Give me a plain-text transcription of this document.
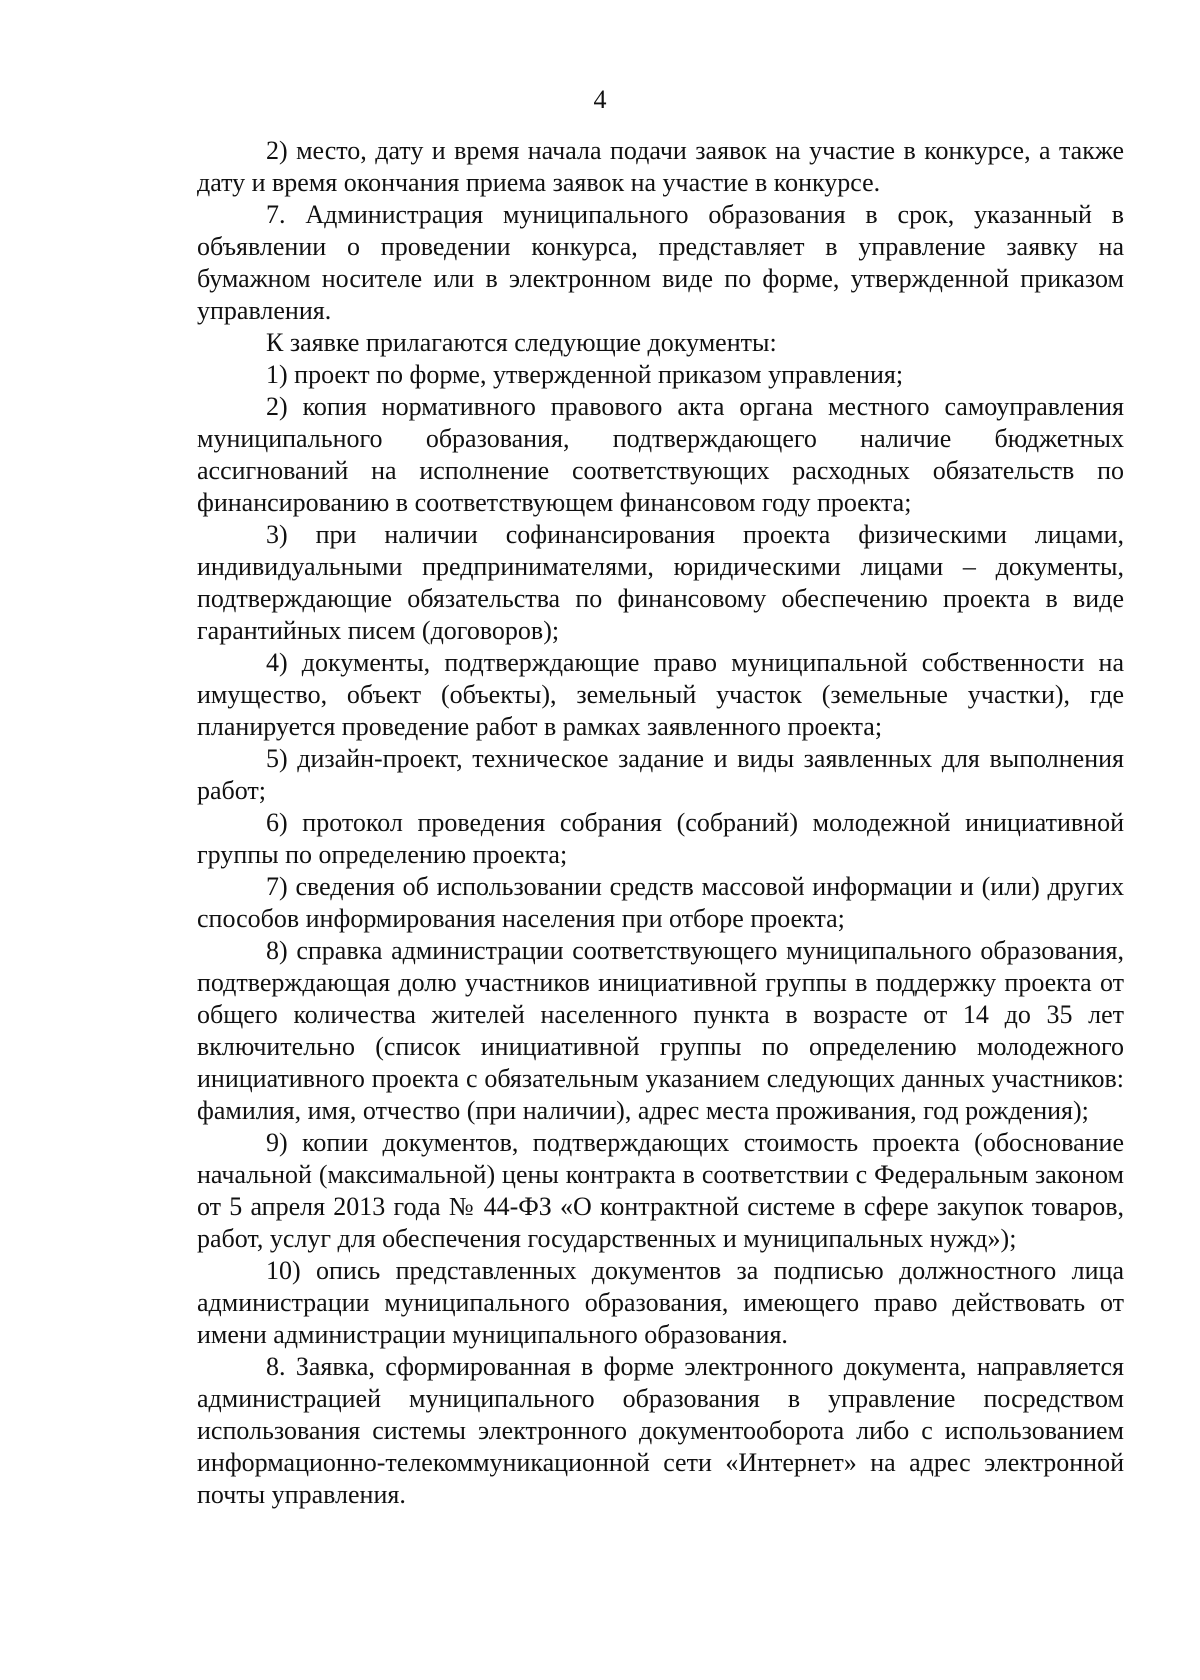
4

2) место, дату и время начала подачи заявок на участие в конкурсе, а также дату и время окончания приема заявок на участие в конкурсе.

7. Администрация муниципального образования в срок, указанный в объявлении о проведении конкурса, представляет в управление заявку на бумажном носителе или в электронном виде по форме, утвержденной приказом управления.

К заявке прилагаются следующие документы:

1) проект по форме, утвержденной приказом управления;

2) копия нормативного правового акта органа местного самоуправления муниципального образования, подтверждающего наличие бюджетных ассигнований на исполнение соответствующих расходных обязательств по финансированию в соответствующем финансовом году проекта;

3) при наличии софинансирования проекта физическими лицами, индивидуальными предпринимателями, юридическими лицами – документы, подтверждающие обязательства по финансовому обеспечению проекта в виде гарантийных писем (договоров);

4) документы, подтверждающие право муниципальной собственности на имущество, объект (объекты), земельный участок (земельные участки), где планируется проведение работ в рамках заявленного проекта;

5) дизайн-проект, техническое задание и виды заявленных для выполнения работ;

6) протокол проведения собрания (собраний) молодежной инициативной группы по определению проекта;

7) сведения об использовании средств массовой информации и (или) других способов информирования населения при отборе проекта;

8) справка администрации соответствующего муниципального образования, подтверждающая долю участников инициативной группы в поддержку проекта от общего количества жителей населенного пункта в возрасте от 14 до 35 лет включительно (список инициативной группы по определению молодежного инициативного проекта с обязательным указанием следующих данных участников: фамилия, имя, отчество (при наличии), адрес места проживания, год рождения);

9) копии документов, подтверждающих стоимость проекта (обоснование начальной (максимальной) цены контракта в соответствии с Федеральным законом от 5 апреля 2013 года № 44-ФЗ «О контрактной системе в сфере закупок товаров, работ, услуг для обеспечения государственных и муниципальных нужд»);

10) опись представленных документов за подписью должностного лица администрации муниципального образования, имеющего право действовать от имени администрации муниципального образования.

8. Заявка, сформированная в форме электронного документа, направляется администрацией муниципального образования в управление посредством использования системы электронного документооборота либо с использованием информационно-телекоммуникационной сети «Интернет» на адрес электронной почты управления.
